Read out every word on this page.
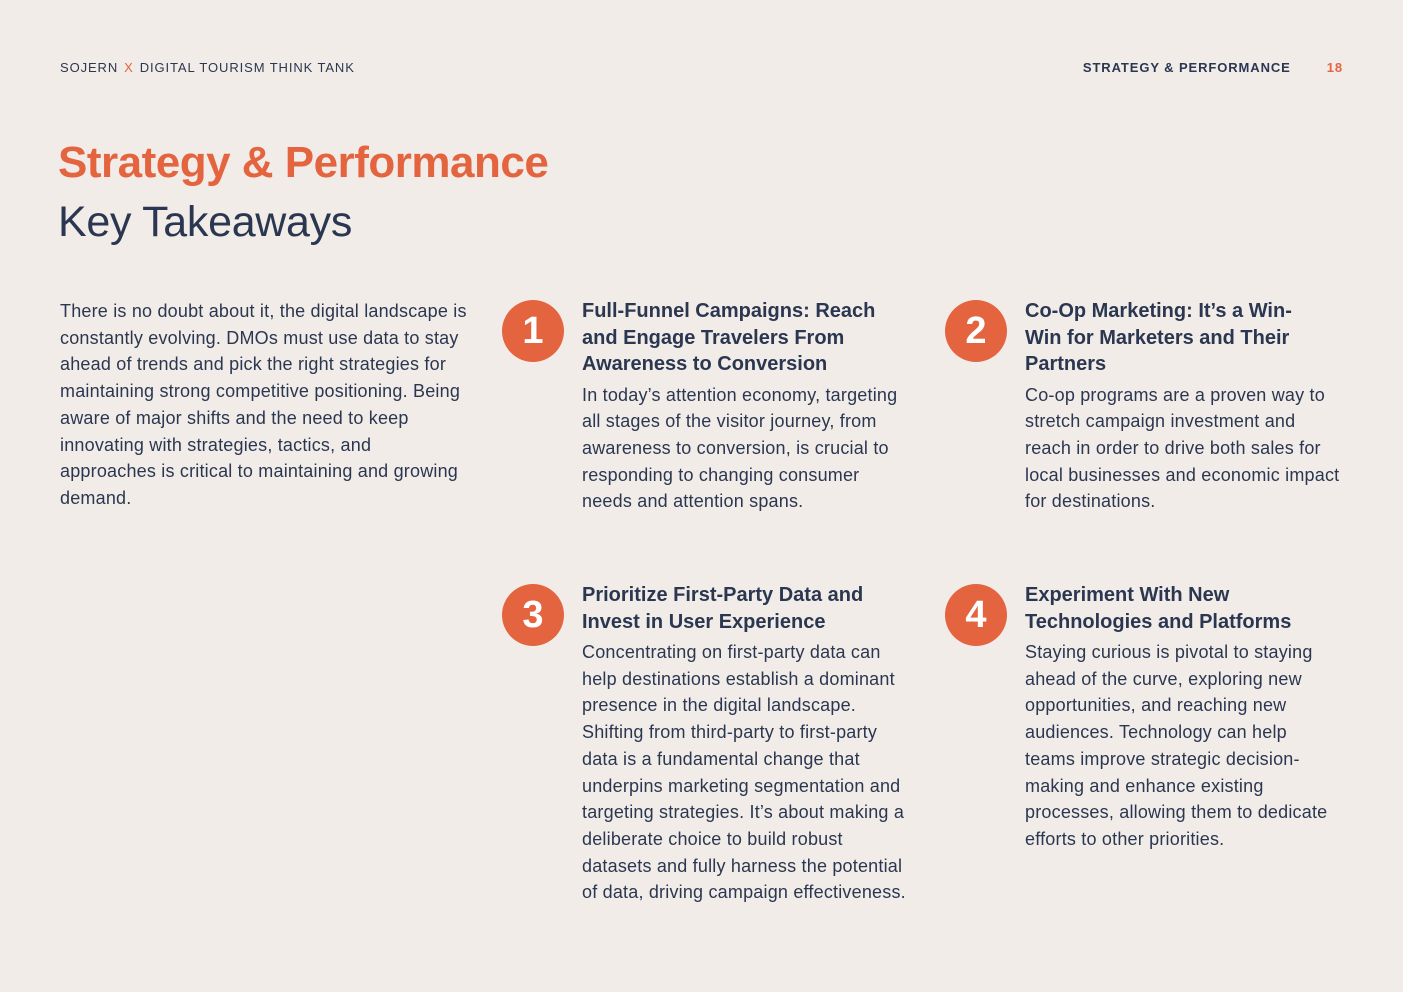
SOJERN X DIGITAL TOURISM THINK TANK	STRATEGY & PERFORMANCE	18
Strategy & Performance
Key Takeaways
There is no doubt about it, the digital landscape is constantly evolving. DMOs must use data to stay ahead of trends and pick the right strategies for maintaining strong competitive positioning. Being aware of major shifts and the need to keep innovating with strategies, tactics, and approaches is critical to maintaining and growing demand.
1	Full-Funnel Campaigns: Reach and Engage Travelers From Awareness to Conversion
In today’s attention economy, targeting all stages of the visitor journey, from awareness to conversion, is crucial to responding to changing consumer needs and attention spans.
2	Co-Op Marketing: It’s a Win-Win for Marketers and Their Partners
Co-op programs are a proven way to stretch campaign investment and reach in order to drive both sales for local businesses and economic impact for destinations.
3	Prioritize First-Party Data and Invest in User Experience
Concentrating on first-party data can help destinations establish a dominant presence in the digital landscape. Shifting from third-party to first-party data is a fundamental change that underpins marketing segmentation and targeting strategies. It’s about making a deliberate choice to build robust datasets and fully harness the potential of data, driving campaign effectiveness.
4	Experiment With New Technologies and Platforms
Staying curious is pivotal to staying ahead of the curve, exploring new opportunities, and reaching new audiences. Technology can help teams improve strategic decision-making and enhance existing processes, allowing them to dedicate efforts to other priorities.
